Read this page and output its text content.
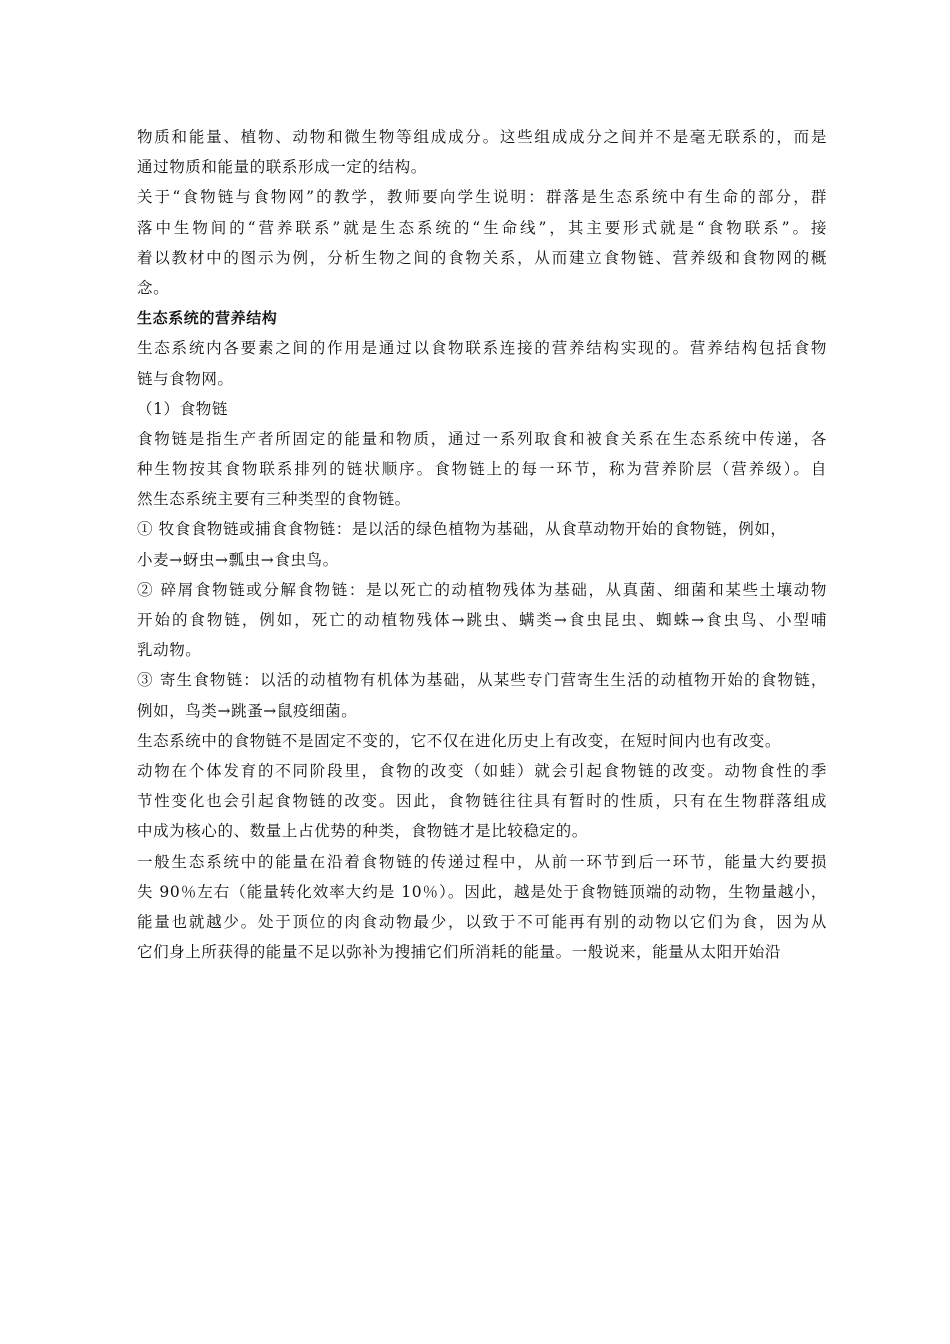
物质和能量、植物、动物和微生物等组成成分。这些组成成分之间并不是毫无联系的，而是
通过物质和能量的联系形成一定的结构。
关于“食物链与食物网”的教学，教师要向学生说明：群落是生态系统中有生命的部分，群
落中生物间的“营养联系”就是生态系统的“生命线”，其主要形式就是“食物联系”。接
着以教材中的图示为例，分析生物之间的食物关系，从而建立食物链、营养级和食物网的概
念。
生态系统的营养结构
生态系统内各要素之间的作用是通过以食物联系连接的营养结构实现的。营养结构包括食物
链与食物网。
（1）食物链
食物链是指生产者所固定的能量和物质，通过一系列取食和被食关系在生态系统中传递，各
种生物按其食物联系排列的链状顺序。食物链上的每一环节，称为营养阶层（营养级）。自
然生态系统主要有三种类型的食物链。
① 牧食食物链或捕食食物链：是以活的绿色植物为基础，从食草动物开始的食物链，例如，
小麦→蚜虫→瓢虫→食虫鸟。
② 碎屑食物链或分解食物链：是以死亡的动植物残体为基础，从真菌、细菌和某些土壤动物
开始的食物链，例如，死亡的动植物残体→跳虫、螨类→食虫昆虫、蜘蛛→食虫鸟、小型哺
乳动物。
③ 寄生食物链：以活的动植物有机体为基础，从某些专门营寄生生活的动植物开始的食物链，
例如，鸟类→跳蚤→鼠疫细菌。
生态系统中的食物链不是固定不变的，它不仅在进化历史上有改变，在短时间内也有改变。
动物在个体发育的不同阶段里，食物的改变（如蛙）就会引起食物链的改变。动物食性的季
节性变化也会引起食物链的改变。因此，食物链往往具有暂时的性质，只有在生物群落组成
中成为核心的、数量上占优势的种类，食物链才是比较稳定的。
一般生态系统中的能量在沿着食物链的传递过程中，从前一环节到后一环节，能量大约要损
失 90％左右（能量转化效率大约是 10％）。因此，越是处于食物链顶端的动物，生物量越小，
能量也就越少。处于顶位的肉食动物最少，以致于不可能再有别的动物以它们为食，因为从
它们身上所获得的能量不足以弥补为搜捕它们所消耗的能量。一般说来，能量从太阳开始沿
